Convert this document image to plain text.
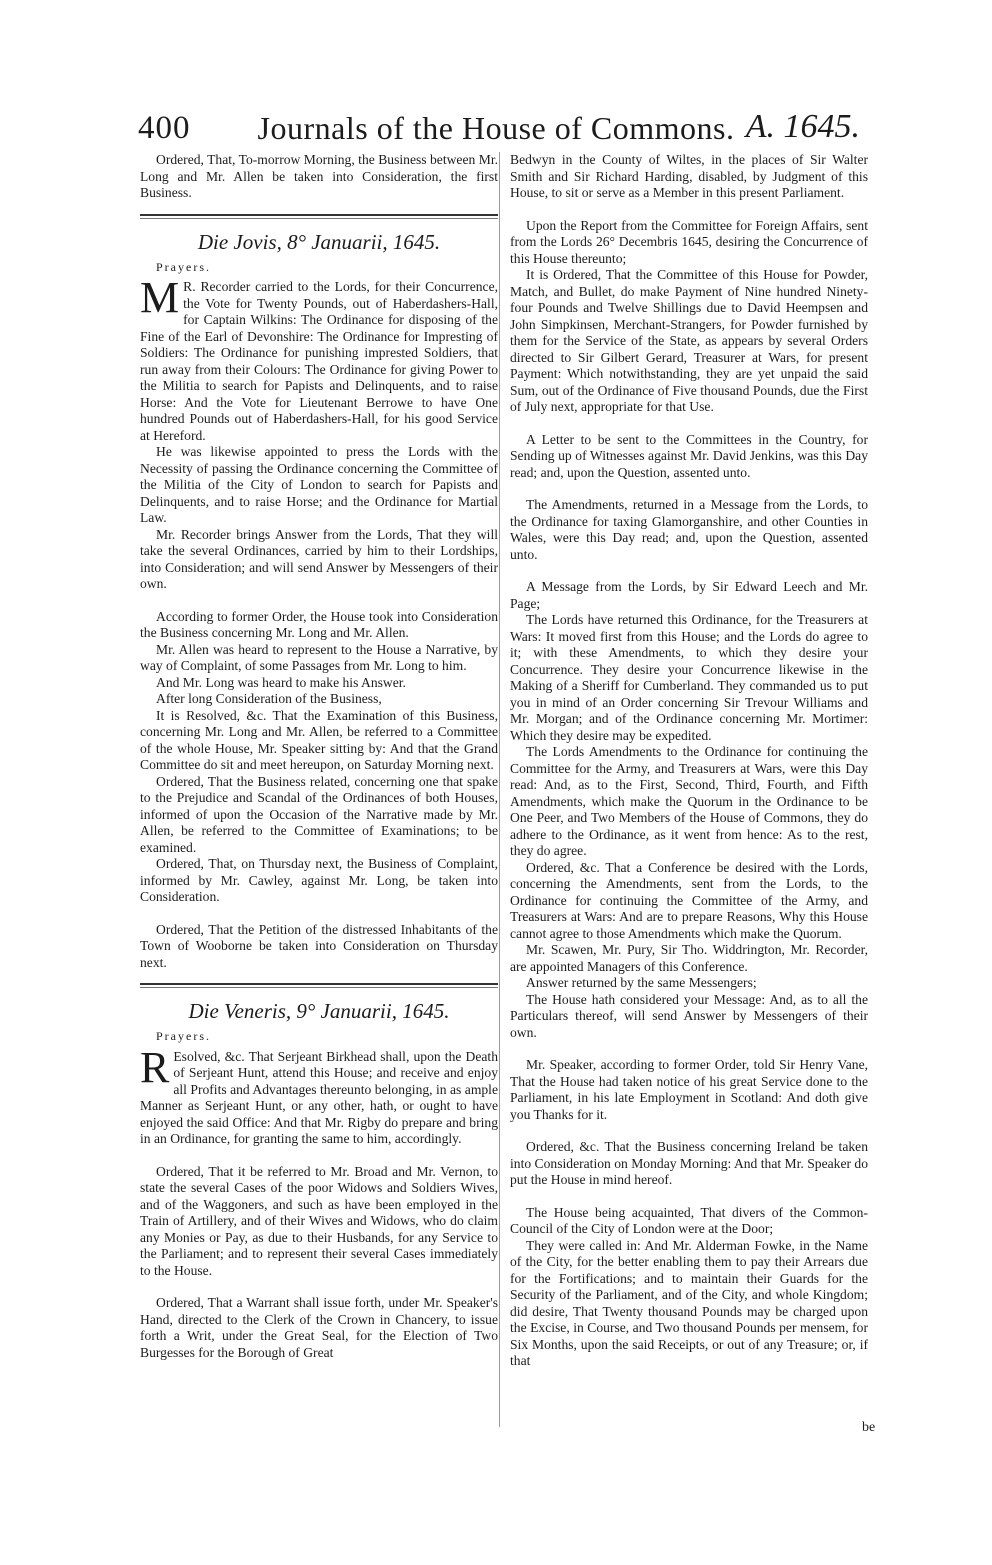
400	Journals of the House of Commons. A. 1645.

Ordered, That, To-morrow Morning, the Business between Mr. Long and Mr. Allen be taken into Consideration, the first Business.

Die Jovis, 8° Januarii, 1645.
Prayers.

M R. Recorder carried to the Lords, for their Concurrence, the Vote for Twenty Pounds, out of Haberdashers-Hall, for Captain Wilkins: The Ordinance for disposing of the Fine of the Earl of Devonshire: The Ordinance for Impresting of Soldiers: The Ordinance for punishing imprested Soldiers, that run away from their Colours: The Ordinance for giving Power to the Militia to search for Papists and Delinquents, and to raise Horse: And the Vote for Lieutenant Berrowe to have One hundred Pounds out of Haberdashers-Hall, for his good Service at Hereford.

He was likewise appointed to press the Lords with the Necessity of passing the Ordinance concerning the Committee of the Militia of the City of London to search for Papists and Delinquents, and to raise Horse; and the Ordinance for Martial Law.

Mr. Recorder brings Answer from the Lords, That they will take the several Ordinances, carried by him to their Lordships, into Consideration; and will send Answer by Messengers of their own.

According to former Order, the House took into Consideration the Business concerning Mr. Long and Mr. Allen.

Mr. Allen was heard to represent to the House a Narrative, by way of Complaint, of some Passages from Mr. Long to him.

And Mr. Long was heard to make his Answer.

After long Consideration of the Business,

It is Resolved, &c. That the Examination of this Business, concerning Mr. Long and Mr. Allen, be referred to a Committee of the whole House, Mr. Speaker sitting by: And that the Grand Committee do sit and meet hereupon, on Saturday Morning next.

Ordered, That the Business related, concerning one that spake to the Prejudice and Scandal of the Ordinances of both Houses, informed of upon the Occasion of the Narrative made by Mr. Allen, be referred to the Committee of Examinations; to be examined.

Ordered, That, on Thursday next, the Business of Complaint, informed by Mr. Cawley, against Mr. Long, be taken into Consideration.

Ordered, That the Petition of the distressed Inhabitants of the Town of Wooborne be taken into Consideration on Thursday next.

Die Veneris, 9° Januarii, 1645.
Prayers.

R Esolved, &c. That Serjeant Birkhead shall, upon the Death of Serjeant Hunt, attend this House; and receive and enjoy all Profits and Advantages thereunto belonging, in as ample Manner as Serjeant Hunt, or any other, hath, or ought to have enjoyed the said Office: And that Mr. Rigby do prepare and bring in an Ordinance, for granting the same to him, accordingly.

Ordered, That it be referred to Mr. Broad and Mr. Vernon, to state the several Cases of the poor Widows and Soldiers Wives, and of the Waggoners, and such as have been employed in the Train of Artillery, and of their Wives and Widows, who do claim any Monies or Pay, as due to their Husbands, for any Service to the Parliament; and to represent their several Cases immediately to the House.

Ordered, That a Warrant shall issue forth, under Mr. Speaker's Hand, directed to the Clerk of the Crown in Chancery, to issue forth a Writ, under the Great Seal, for the Election of Two Burgesses for the Borough of Great

Bedwyn in the County of Wiltes, in the places of Sir Walter Smith and Sir Richard Harding, disabled, by Judgment of this House, to sit or serve as a Member in this present Parliament.

Upon the Report from the Committee for Foreign Affairs, sent from the Lords 26° Decembris 1645, desiring the Concurrence of this House thereunto;

It is Ordered, That the Committee of this House for Powder, Match, and Bullet, do make Payment of Nine hundred Ninety-four Pounds and Twelve Shillings due to David Heempsen and John Simpkinsen, Merchant-Strangers, for Powder furnished by them for the Service of the State, as appears by several Orders directed to Sir Gilbert Gerard, Treasurer at Wars, for present Payment: Which notwithstanding, they are yet unpaid the said Sum, out of the Ordinance of Five thousand Pounds, due the First of July next, appropriate for that Use.

A Letter to be sent to the Committees in the Country, for Sending up of Witnesses against Mr. David Jenkins, was this Day read; and, upon the Question, assented unto.

The Amendments, returned in a Message from the Lords, to the Ordinance for taxing Glamorganshire, and other Counties in Wales, were this Day read; and, upon the Question, assented unto.

A Message from the Lords, by Sir Edward Leech and Mr. Page;

The Lords have returned this Ordinance, for the Treasurers at Wars: It moved first from this House; and the Lords do agree to it; with these Amendments, to which they desire your Concurrence. They desire your Concurrence likewise in the Making of a Sheriff for Cumberland. They commanded us to put you in mind of an Order concerning Sir Trevour Williams and Mr. Morgan; and of the Ordinance concerning Mr. Mortimer: Which they desire may be expedited.

The Lords Amendments to the Ordinance for continuing the Committee for the Army, and Treasurers at Wars, were this Day read: And, as to the First, Second, Third, Fourth, and Fifth Amendments, which make the Quorum in the Ordinance to be One Peer, and Two Members of the House of Commons, they do adhere to the Ordinance, as it went from hence: As to the rest, they do agree.

Ordered, &c. That a Conference be desired with the Lords, concerning the Amendments, sent from the Lords, to the Ordinance for continuing the Committee of the Army, and Treasurers at Wars: And are to prepare Reasons, Why this House cannot agree to those Amendments which make the Quorum.

Mr. Scawen, Mr. Pury, Sir Tho. Widdrington, Mr. Recorder, are appointed Managers of this Conference.

Answer returned by the same Messengers;

The House hath considered your Message: And, as to all the Particulars thereof, will send Answer by Messengers of their own.

Mr. Speaker, according to former Order, told Sir Henry Vane, That the House had taken notice of his great Service done to the Parliament, in his late Employment in Scotland: And doth give you Thanks for it.

Ordered, &c. That the Business concerning Ireland be taken into Consideration on Monday Morning: And that Mr. Speaker do put the House in mind hereof.

The House being acquainted, That divers of the Common-Council of the City of London were at the Door;

They were called in: And Mr. Alderman Fowke, in the Name of the City, for the better enabling them to pay their Arrears due for the Fortifications; and to maintain their Guards for the Security of the Parliament, and of the City, and whole Kingdom; did desire, That Twenty thousand Pounds may be charged upon the Excise, in Course, and Two thousand Pounds per mensem, for Six Months, upon the said Receipts, or out of any Treasure; or, if that

be
